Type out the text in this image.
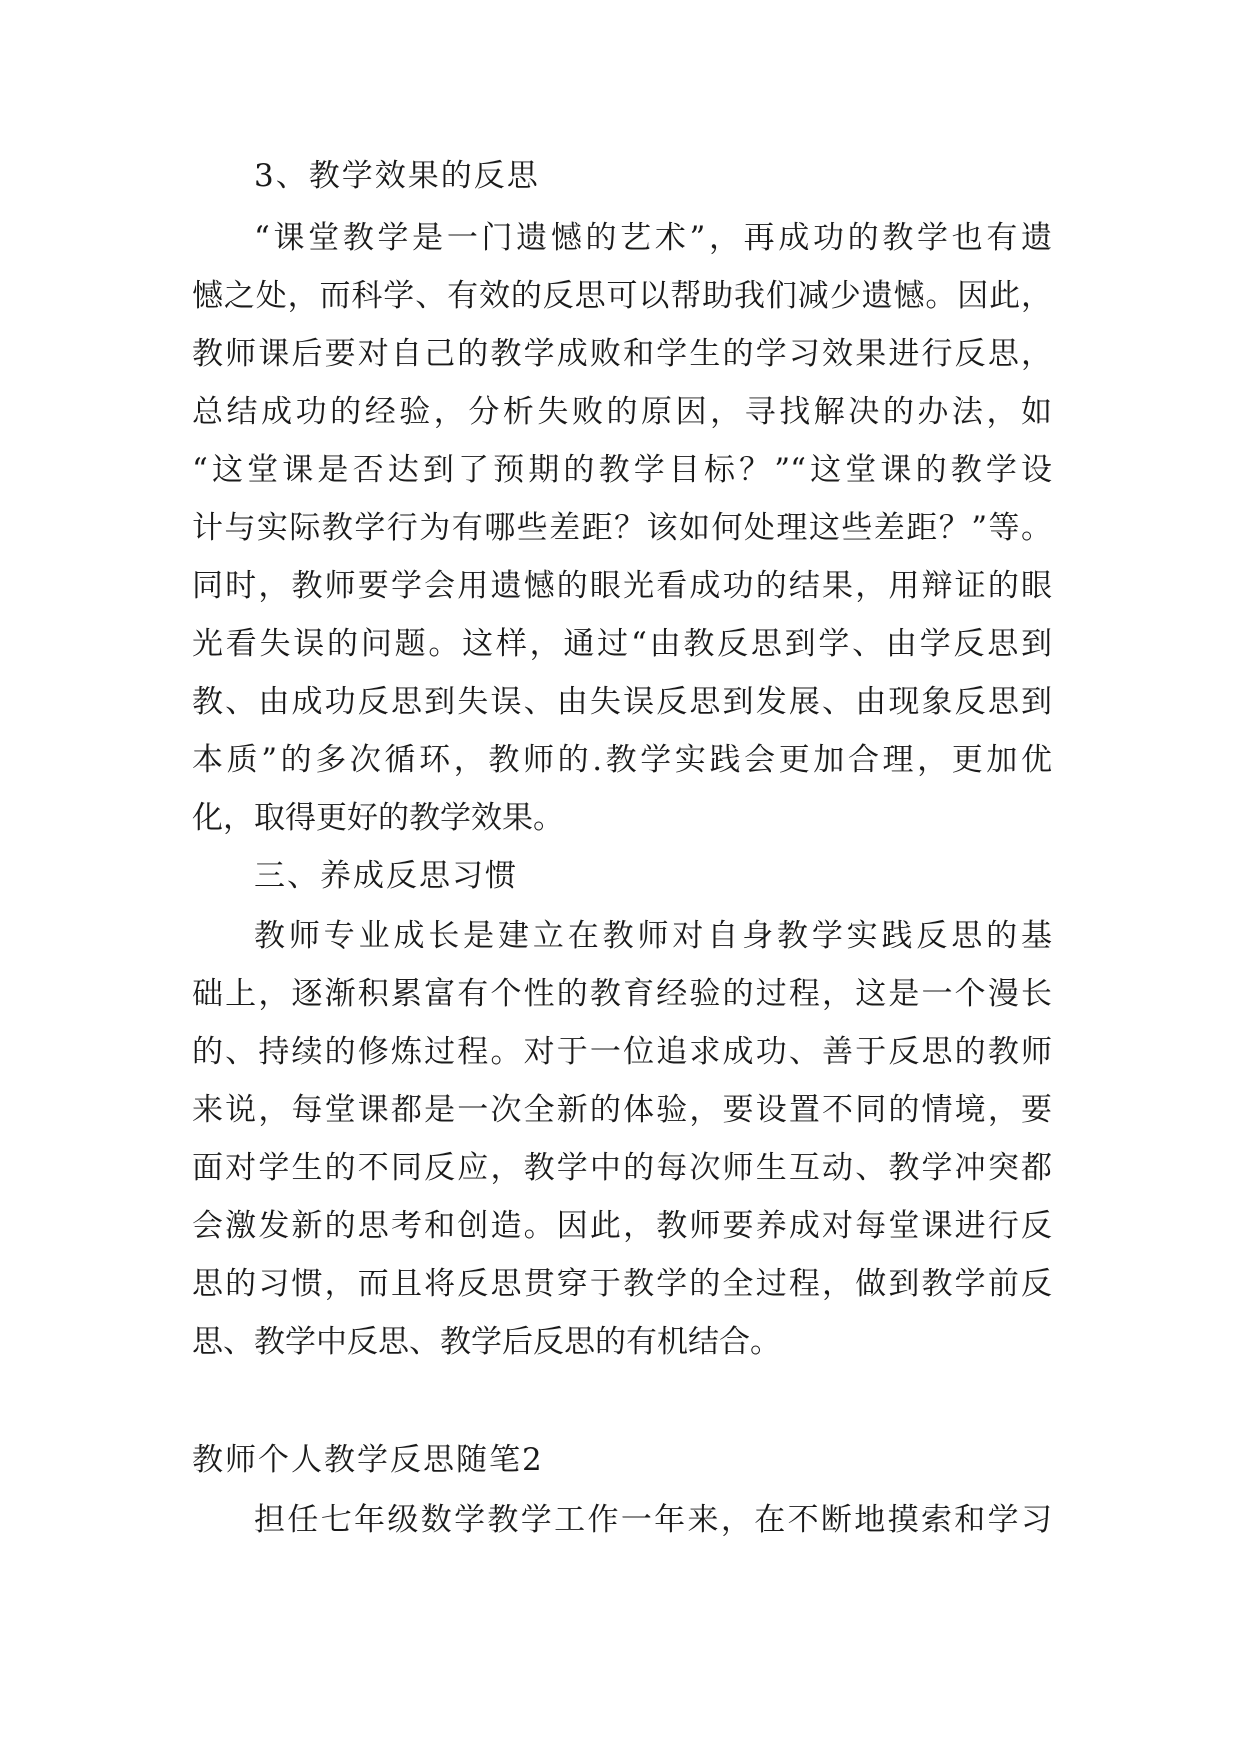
3、教学效果的反思
“课堂教学是一门遗憾的艺术”，再成功的教学也有遗
憾之处，而科学、有效的反思可以帮助我们减少遗憾。因此，
教师课后要对自己的教学成败和学生的学习效果进行反思，
总结成功的经验，分析失败的原因，寻找解决的办法，如
“这堂课是否达到了预期的教学目标？”“这堂课的教学设
计与实际教学行为有哪些差距？该如何处理这些差距？”等。
同时，教师要学会用遗憾的眼光看成功的结果，用辩证的眼
光看失误的问题。这样，通过“由教反思到学、由学反思到
教、由成功反思到失误、由失误反思到发展、由现象反思到
本质”的多次循环，教师的.教学实践会更加合理，更加优
化，取得更好的教学效果。
三、养成反思习惯
教师专业成长是建立在教师对自身教学实践反思的基
础上，逐渐积累富有个性的教育经验的过程，这是一个漫长
的、持续的修炼过程。对于一位追求成功、善于反思的教师
来说，每堂课都是一次全新的体验，要设置不同的情境，要
面对学生的不同反应，教学中的每次师生互动、教学冲突都
会激发新的思考和创造。因此，教师要养成对每堂课进行反
思的习惯，而且将反思贯穿于教学的全过程，做到教学前反
思、教学中反思、教学后反思的有机结合。
教师个人教学反思随笔2
担任七年级数学教学工作一年来，在不断地摸索和学习
